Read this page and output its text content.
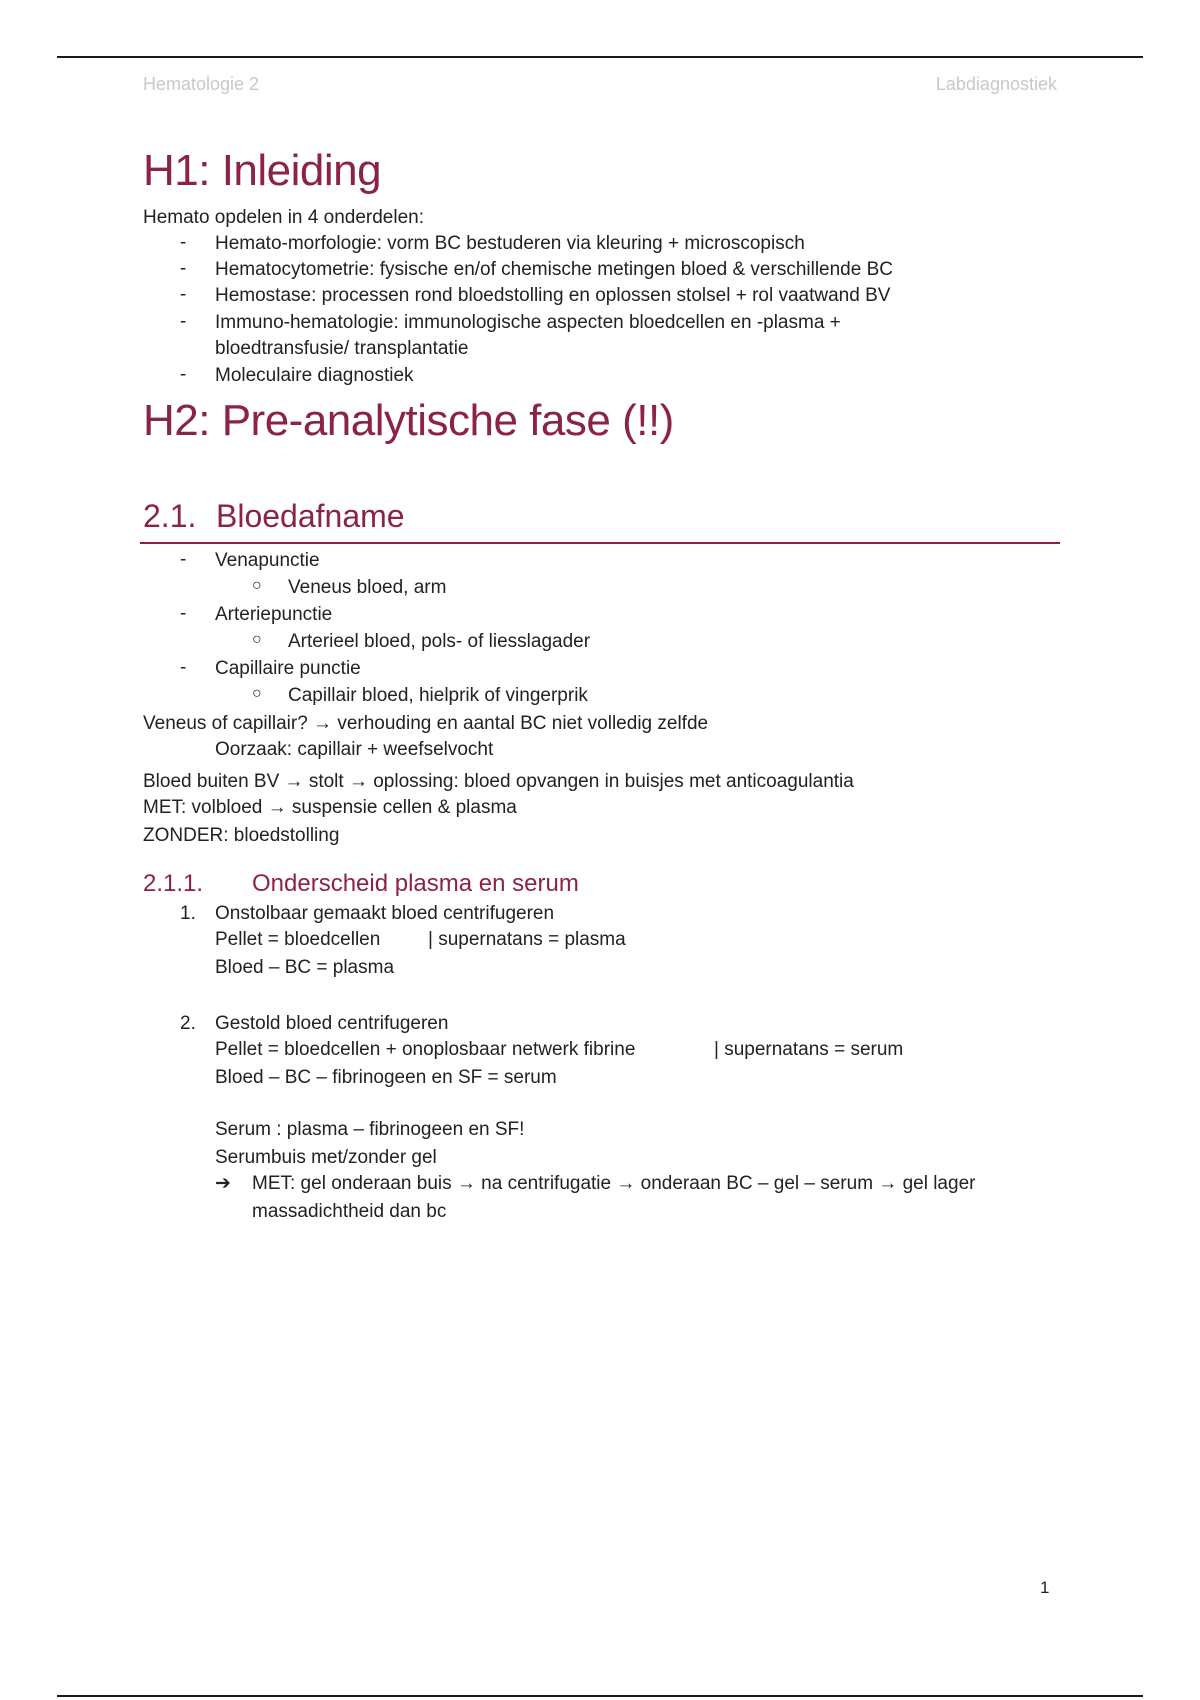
Hematologie 2	Labdiagnostiek
H1: Inleiding
Hemato opdelen in 4 onderdelen:
- Hemato-morfologie: vorm BC bestuderen via kleuring + microscopisch
- Hematocytometrie: fysische en/of chemische metingen bloed & verschillende BC
- Hemostase: processen rond bloedstolling en oplossen stolsel + rol vaatwand BV
- Immuno-hematologie: immunologische aspecten bloedcellen en -plasma +
bloedtransfusie/ transplantatie
- Moleculaire diagnostiek
H2: Pre-analytische fase (!!)
2.1. Bloedafname
- Venapunctie
○ Veneus bloed, arm
- Arteriepunctie
○ Arterieel bloed, pols- of liesslagader
- Capillaire punctie
○ Capillair bloed, hielprik of vingerprik
Veneus of capillair? → verhouding en aantal BC niet volledig zelfde
Oorzaak: capillair + weefselvocht
Bloed buiten BV → stolt → oplossing: bloed opvangen in buisjes met anticoagulantia
MET: volbloed → suspensie cellen & plasma
ZONDER: bloedstolling
2.1.1. Onderscheid plasma en serum
1. Onstolbaar gemaakt bloed centrifugeren
Pellet = bloedcellen	| supernatans = plasma
Bloed – BC = plasma
2. Gestold bloed centrifugeren
Pellet = bloedcellen + onoplosbaar netwerk fibrine	| supernatans = serum
Bloed – BC – fibrinogeen en SF = serum
Serum : plasma – fibrinogeen en SF!
Serumbuis met/zonder gel
➔ MET: gel onderaan buis → na centrifugatie → onderaan BC – gel – serum → gel lager
massadichtheid dan bc
1
